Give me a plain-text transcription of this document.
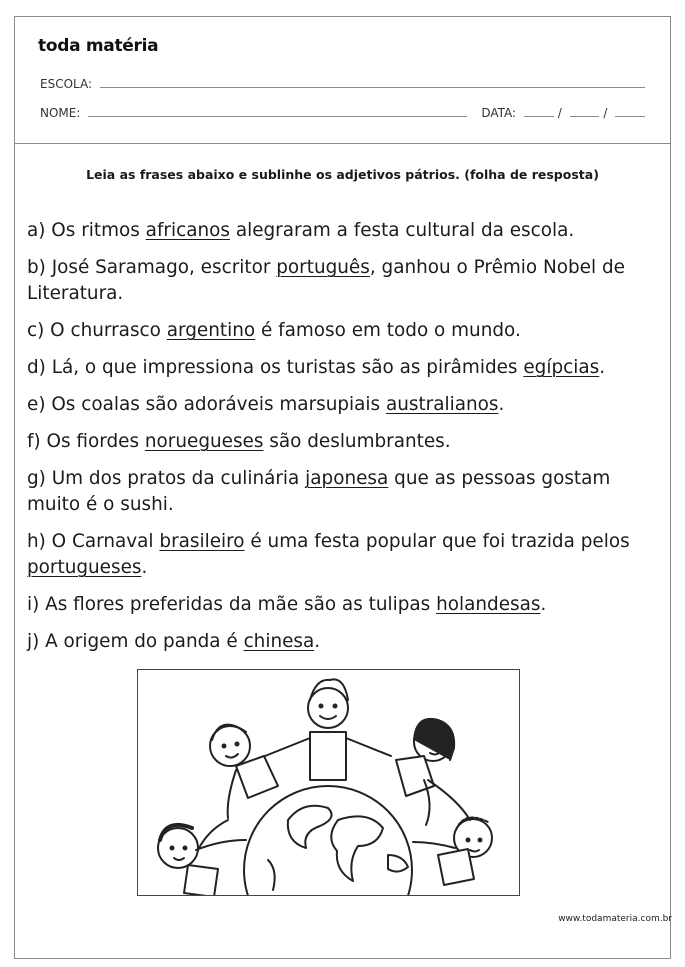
toda matéria
ESCOLA:
NOME:	DATA:	/	/
Leia as frases abaixo e sublinhe os adjetivos pátrios. (folha de resposta)

a) Os ritmos africanos alegraram a festa cultural da escola.

b) José Saramago, escritor português, ganhou o Prêmio Nobel de Literatura.

c) O churrasco argentino é famoso em todo o mundo.

d) Lá, o que impressiona os turistas são as pirâmides egípcias.

e) Os coalas são adoráveis marsupiais australianos.

f) Os fiordes noruegueses são deslumbrantes.

g) Um dos pratos da culinária japonesa que as pessoas gostam muito é o sushi.

h) O Carnaval brasileiro é uma festa popular que foi trazida pelos portugueses.

i) As flores preferidas da mãe são as tulipas holandesas.

j) A origem do panda é chinesa.

www.todamateria.com.br
